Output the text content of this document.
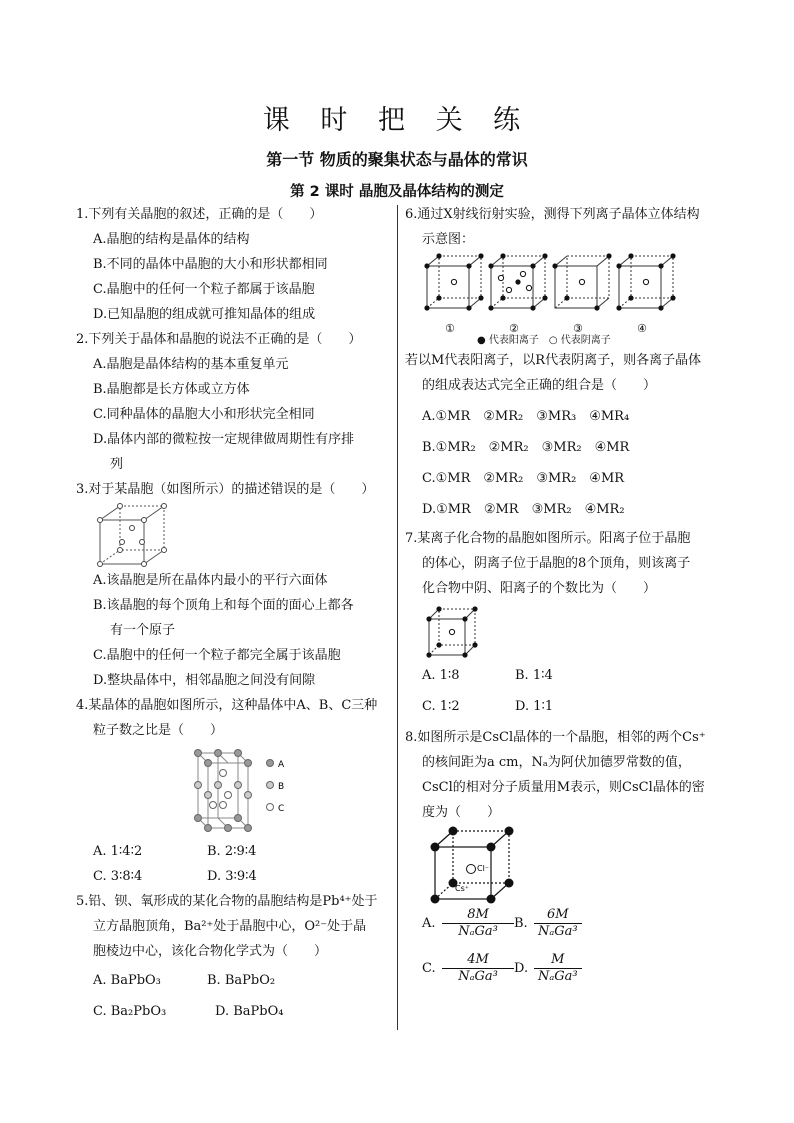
课 时 把 关 练
第一节 物质的聚集状态与晶体的常识
第 2 课时 晶胞及晶体结构的测定

1.下列有关晶胞的叙述，正确的是（　　）

A.晶胞的结构是晶体的结构

B.不同的晶体中晶胞的大小和形状都相同

C.晶胞中的任何一个粒子都属于该晶胞

D.已知晶胞的组成就可推知晶体的组成

2.下列关于晶体和晶胞的说法不正确的是（　　）

A.晶胞是晶体结构的基本重复单元

B.晶胞都是长方体或立方体

C.同种晶体的晶胞大小和形状完全相同

D.晶体内部的微粒按一定规律做周期性有序排

列

3.对于某晶胞（如图所示）的描述错误的是（　　）

A.该晶胞是所在晶体内最小的平行六面体

B.该晶胞的每个顶角上和每个面的面心上都各

有一个原子

C.晶胞中的任何一个粒子都完全属于该晶胞

D.整块晶体中，相邻晶胞之间没有间隙

4.某晶体的晶胞如图所示，这种晶体中A、B、C三种

粒子数之比是（　　）

A
B
C
A. 1∶4∶2	B. 2∶9∶4
C. 3∶8∶4	D. 3∶9∶4

5.铅、钡、氧形成的某化合物的晶胞结构是Pb⁴⁺处于

立方晶胞顶角，Ba²⁺处于晶胞中心，O²⁻处于晶

胞棱边中心，该化合物化学式为（　　）

A. BaPbO₃	B. BaPbO₂
C. Ba₂PbO₃	D. BaPbO₄

6.通过X射线衍射实验，测得下列离子晶体立体结构

示意图：

①	②	③	④
● 代表阳离子　○ 代表阴离子

若以M代表阳离子，以R代表阴离子，则各离子晶体

的组成表达式完全正确的组合是（　　）

A.①MR　②MR₂　③MR₃　④MR₄

B.①MR₂　②MR₂　③MR₂　④MR

C.①MR　②MR₂　③MR₂　④MR

D.①MR　②MR　③MR₂　④MR₂

7.某离子化合物的晶胞如图所示。阳离子位于晶胞

的体心，阴离子位于晶胞的8个顶角，则该离子

化合物中阴、阳离子的个数比为（　　）

A. 1∶8	B. 1∶4
C. 1∶2	D. 1∶1

8.如图所示是CsCl晶体的一个晶胞，相邻的两个Cs⁺

的核间距为a cm，Nₐ为阿伏加德罗常数的值，

CsCl的相对分子质量用M表示，则CsCl晶体的密

度为（　　）

Cl⁻
Cs⁺
A. $\frac{8M}{\text{NₐGa³}} B$. $\frac{6M}{\text{NₐGa³}}$
C. $\frac{4M}{\text{NₐGa³}} D$. $\frac{M}{\text{NₐGa³}}$
